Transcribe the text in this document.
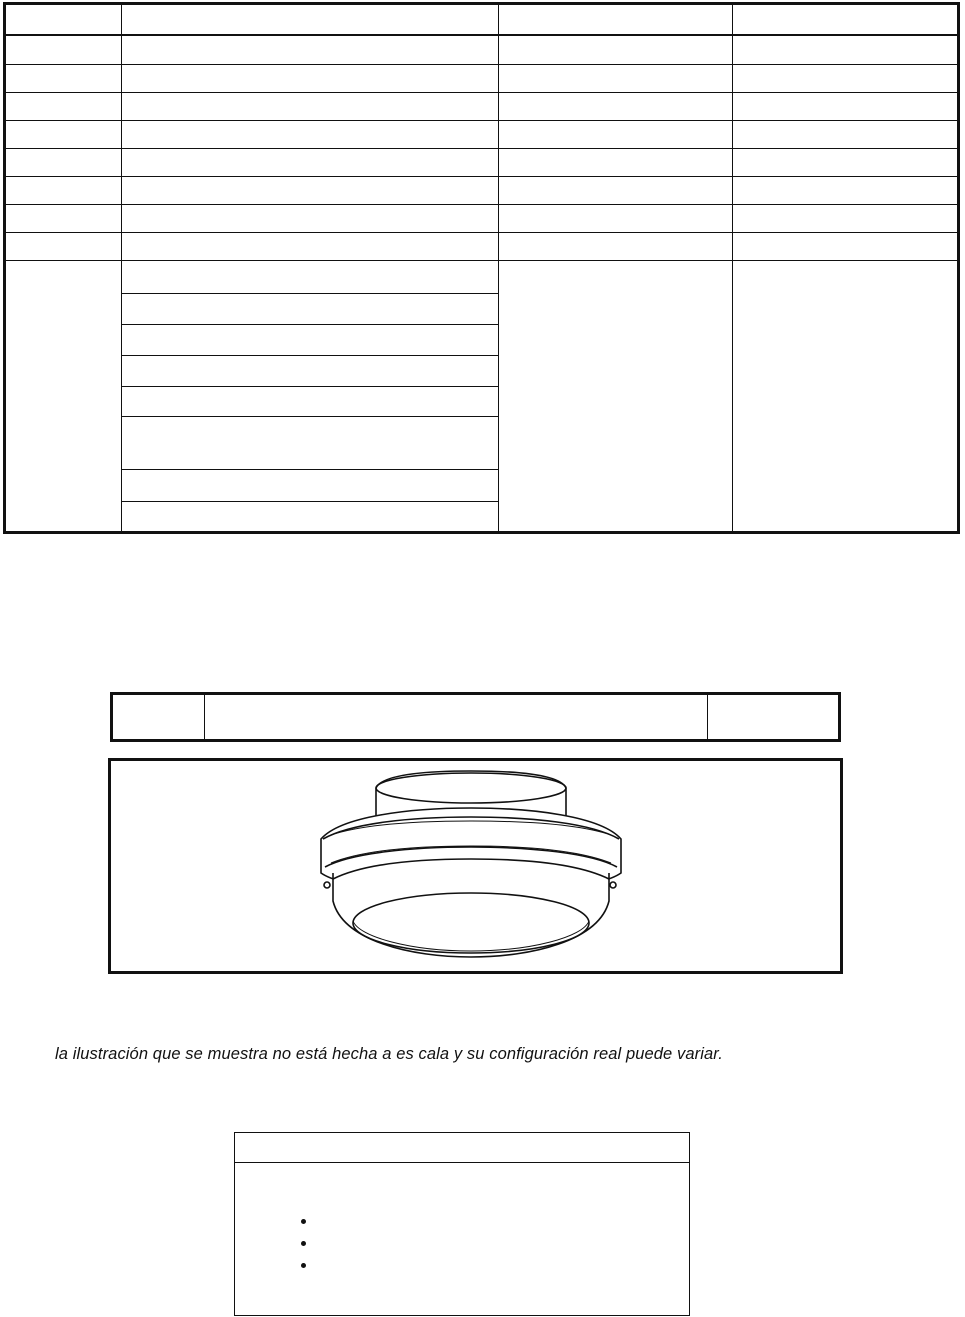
la ilustración que se muestra no está hecha a es cala y su configuración real puede variar.
